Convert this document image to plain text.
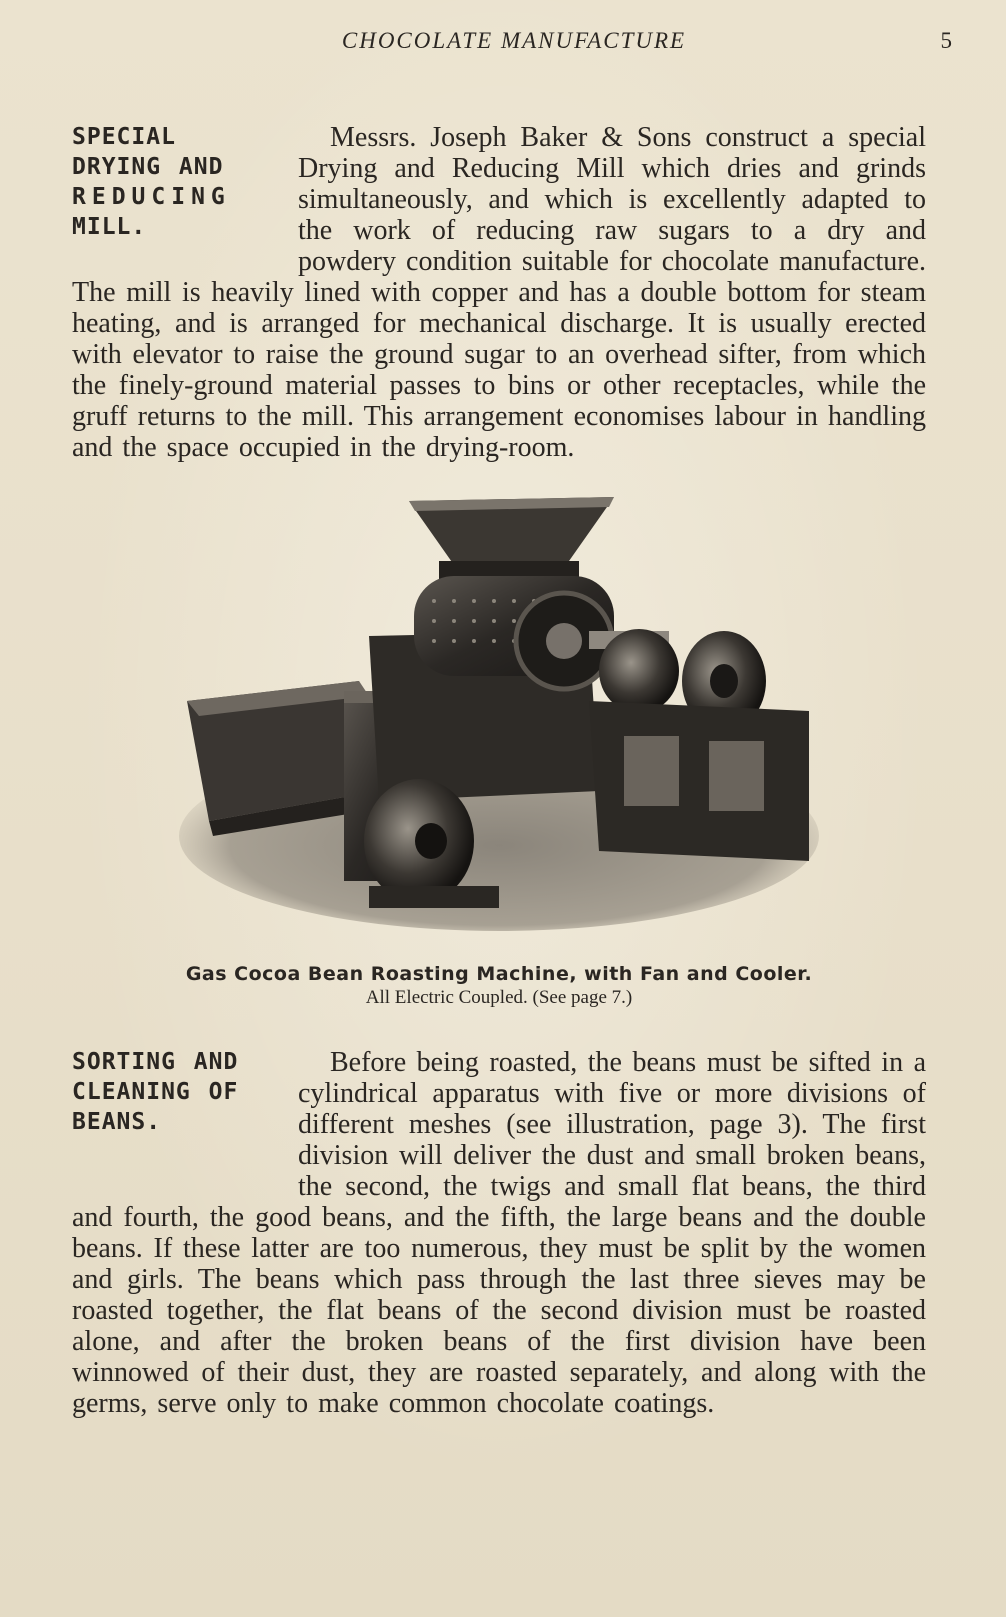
CHOCOLATE MANUFACTURE	5
SPECIAL
DRYING AND
REDUCING
MILL.

Messrs. Joseph Baker & Sons construct a special Drying and Reducing Mill which dries and grinds simultaneously, and which is excellently adapted to the work of reducing raw sugars to a dry and powdery condition suitable for chocolate manufacture. The mill is heavily lined with copper and has a double bottom for steam heating, and is arranged for mechanical discharge. It is usually erected with elevator to raise the ground sugar to an overhead sifter, from which the finely-ground material passes to bins or other receptacles, while the gruff returns to the mill. This arrangement economises labour in handling and the space occupied in the drying-room.

Gas Cocoa Bean Roasting Machine, with Fan and Cooler.
All Electric Coupled. (See page 7.)
SORTING AND
CLEANING OF
BEANS.

Before being roasted, the beans must be sifted in a cylindrical apparatus with five or more divisions of different meshes (see illustration, page 3). The first division will deliver the dust and small broken beans, the second, the twigs and small flat beans, the third and fourth, the good beans, and the fifth, the large beans and the double beans. If these latter are too numerous, they must be split by the women and girls. The beans which pass through the last three sieves may be roasted together, the flat beans of the second division must be roasted alone, and after the broken beans of the first division have been winnowed of their dust, they are roasted separately, and along with the germs, serve only to make common chocolate coatings.
